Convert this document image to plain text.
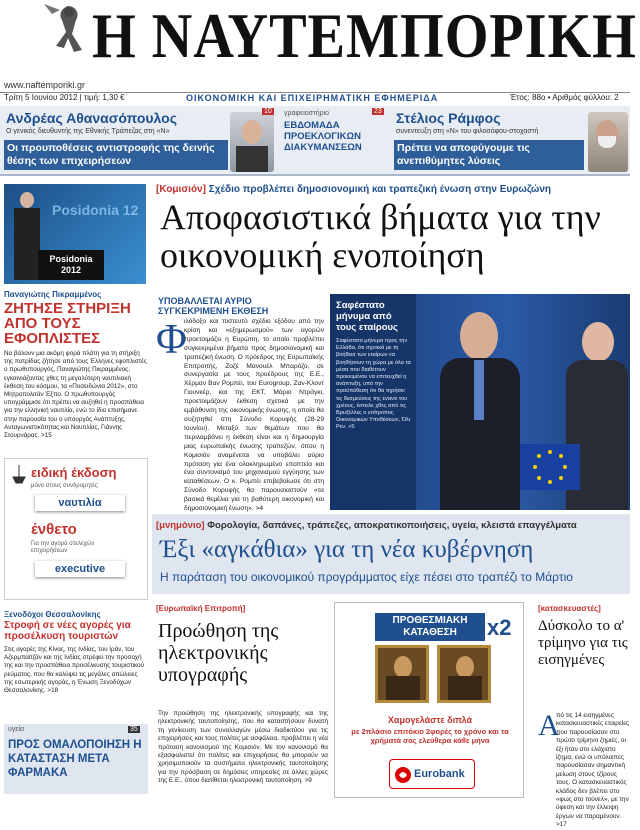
Η ΝΑΥΤΕΜΠΟΡΙΚΗ
www.naftemporiki.gr
Τρίτη 5 Ιουνίου 2012 | τιμή: 1,30 €	ΟΙΚΟΝΟΜΙΚΗ ΚΑΙ ΕΠΙΧΕΙΡΗΜΑΤΙΚΗ ΕΦΗΜΕΡΙΔΑ	Έτος: 88ο • Αριθμός φύλλου: 2
Ανδρέας Αθανασόπουλος
Ο γενικός διευθυντής της Εθνικής Τράπεζας στη «Ν»
Οι προυποθέσεις αντιστροφής της δεινής θέσης των επιχειρήσεων
10 γραφειοστήριο
ΕΒΔΟΜΑΔΑ ΠΡΟΕΚΛΟΓΙΚΩΝ ΔΙΑΚΥΜΑΝΣΕΩΝ
23 Στέλιος Ράμφος
συνεντευξη στη «Ν» του φιλοσόφου-στοχαστή
Πρέπει να αποφύγουμε τις ανεπιθύμητες λύσεις
Posidonia 12
Posidonia 2012
Παναγιώτης Πικραμμένος
ΖΗΤΗΣΕ ΣΤΗΡΙΞΗ ΑΠΟ ΤΟΥΣ ΕΦΟΠΛΙΣΤΕΣ
Να βάλουν μια ακόμη φορά πλάτη για τη στήριξη της πατρίδας ζήτησε από τους Έλληνες εφοπλιστές ο πρωθυπουργός, Παναγιώτης Πικραμμένος, εγκαινιάζοντας χθες τη μεγαλύτερη ναυτιλιακή έκθεση του κόσμου, τα «Ποσειδώνια 2012», στο Μητροπολιτάν Έξπο. Ο πρωθυπουργός υπογράμμισε ότι πρέπει να αυξηθεί η προσπάθεια για την ελληνική ναυτιλία, ενώ το ίδιο επισήμανε στην παρουσία του ο υπουργός Ανάπτυξης, Ανταγωνιστικότητας και Ναυτιλίας, Γιάννης Στουρνάρας. >15
ειδική έκδοση
μόνο στους συνδρομητές
ναυτιλία
ένθετο
Για την αγορά στελεχών επιχειρήσεων
executive
Ξενοδόχοι Θεσσαλονίκης
Στροφή σε νέες αγορές για προσέλκυση τουριστών
Στις αγορές της Κίνας, της Ινδίας, του Ιράν, του Αζερμπαϊτζάν και της Ινδίας στρέφει την προσοχή της και την προσπάθεια προσέλκυσης τουριστικού ρεύματος, που θα καλύψει τις μεγάλες απώλειες της εσωτερικής αγοράς, η Ένωση Ξενοδόχων Θεσσαλονίκης. >18
υγεία	35
ΠΡΟΣ ΟΜΑΛΟΠΟΙΗΣΗ Η ΚΑΤΑΣΤΑΣΗ ΜΕΤΑ ΦΑΡΜΑΚΑ
[Κομισιόν] Σχέδιο προβλέπει δημοσιονομική και τραπεζική ένωση στην Ευρωζώνη
Αποφασιστικά βήματα για την οικονομική ενοποίηση
ΥΠΟΒΑΛΛΕΤΑΙ ΑΥΡΙΟ ΣΥΓΚΕΚΡΙΜΕΝΗ ΕΚΘΕΣΗ
Φ
ιλόδοξο και πιστευτό σχέδιο εξόδου από την κρίση και «εξημερωσμού» των αγορών προετοιμάζει η Ευρώπη, το οποίο προβλέπει συγκεκριμένα βήματα προς δημοσιονομική και τραπεζική ένωση. Ο πρόεδρος της Ευρωπαϊκής Επιτροπής, Ζοζέ Μανουέλ Μπαρόζο, σε συνεργασία με τους προέδρους της Ε.Ε., Χέρμαν Βαν Ρομπέι, του Eurogroup, Ζαν-Κλοντ Γιουνκέρ, και της ΕΚΤ, Μάριο Ντράγκι, προετοιμάζουν έκθεση σχετικά με την εμβάθυνση της οικονομικής ένωσης, η οποία θα συζητηθεί στη Σύνοδο Κορυφής (28-29 Ιουνίου). Μεταξύ των θεμάτων που θα περιλαμβάνει η έκθεση είναι και η δημιουργία μιας ευρωπαϊκής ένωσης τραπεζών, όπου η Κομισιόν αναμένεται να υποβάλει αύριο πρόταση για ένα ολοκληρωμένο εποπτεία και ένα συντονισμό του μηχανισμού εγγύησης των καταθέσεων. Ο κ. Ρομπέι επιβεβαίωσε ότι στη Σύνοδο Κορυφής θα παρουσιαστούν «τα βασικά θεμέλια για τη βαθύτερη οικονομική και δημοσιονομική ένωση». >4
Σαφέστατο μήνυμα από τους εταίρους
Σαφέστατο μήνυμα προς την Ελλάδα, ότι σχετικά με τη βοήθεια των εταίρων να βοηθήσουν τη χώρα με όλα τα μέσα που διαθέτουν προκειμένου να επιτευχθεί η ανάπτυξη, υπό την προϋπόθεση ότι θα τηρήσει τις δεσμεύσεις της έναντι του χρέους, έστειλε χθες από τις Βρυξέλλες ο επίτροπος Οικονομικών Υποθέσεων, Όλι Ρεν. >5
[μνημόνιο] Φορολογία, δαπάνες, τράπεζες, αποκρατικοποιήσεις, υγεία, κλειστά επαγγέλματα
Έξι «αγκάθια» για τη νέα κυβέρνηση
Η παράταση του οικονομικού προγράμματος είχε πέσει στο τραπέζι το Μάρτιο
[Ευρωπαϊκή Επιτροπή]
Προώθηση της ηλεκτρονικής υπογραφής
Την προώθηση της ηλεκτρονικής υπογραφής και της ηλεκτρονικής ταυτοποίησης, που θα καταστήσουν δυνατή τη γενίκευση των συναλλαγών μέσω διαδικτύου για τις επιχειρήσεις και τους πολίτες με ασφάλεια, προβλέπει η νέα πρόταση κανονισμού της Κομισιόν. Με τον κανονισμό θα εξασφαλιστεί ότι πολίτες και επιχειρήσεις θα μπορούν να χρησιμοποιούν τα συστήματα ηλεκτρονικής ταυτοποίησης για την πρόσβαση σε δημόσιες υπηρεσίες σε άλλες χώρες της Ε.Ε., όπου διατίθεται ηλεκτρονική ταυτοποίηση. >9
ΠΡΟΘΕΣΜΙΑΚΗ ΚΑΤΑΘΕΣΗ	x2
Χαμογελάστε διπλά
με 2πλάσιο επιτόκιο 2φορές το χρόνο και τα χρήματά σας ελεύθερα κάθε μήνα
Eurobank
[κατασκευαστές]
Δύσκολο το α' τρίμηνο για τις εισηγμένες
Α
πό τις 14 εισηγμένες κατασκευαστικές εταιρείες που παρουσίασαν στο πρώτο τρίμηνο ζημιές, οι έξι ήταν στο ελάχιστο ίζημα, ενώ οι υπόλοιπες παρουσίασαν σημαντική μείωση στους τζίρους τους. Ο κατασκευαστικός κλάδος δεν βλέπει στο «φως στο τούνελ», με την ύφεση και την έλλειψη έργων να παραμένουν. >17
